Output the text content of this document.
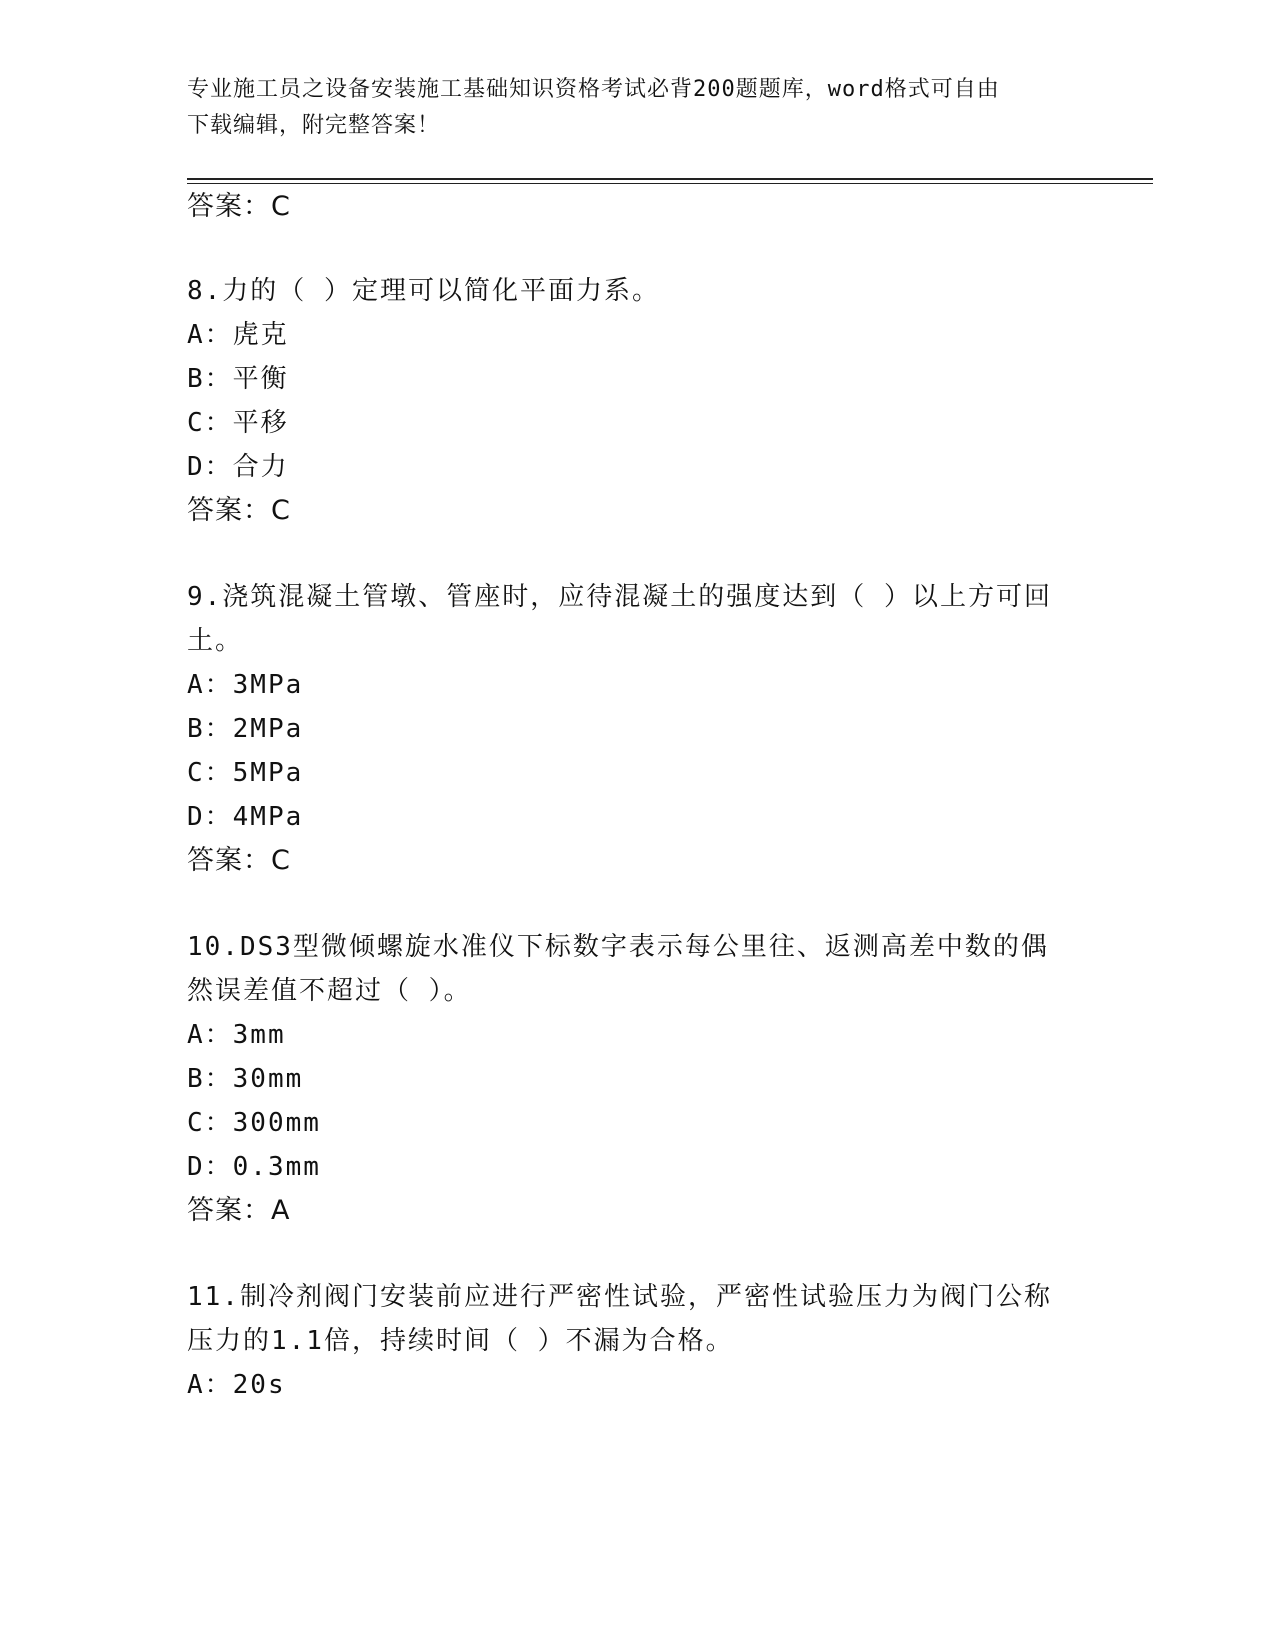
专业施工员之设备安装施工基础知识资格考试必背200题题库，word格式可自由
下载编辑，附完整答案！
答案：C
8.力的（ ）定理可以简化平面力系。
A：虎克
B：平衡
C：平移
D：合力
答案：C
9.浇筑混凝土管墩、管座时，应待混凝土的强度达到（ ）以上方可回
土。
A：3MPa
B：2MPa
C：5MPa
D：4MPa
答案：C
10.DS3型微倾螺旋水准仪下标数字表示每公里往、返测高差中数的偶
然误差值不超过（ ）。
A：3mm
B：30mm
C：300mm
D：0.3mm
答案：A
11.制冷剂阀门安装前应进行严密性试验，严密性试验压力为阀门公称
压力的1.1倍，持续时间（ ）不漏为合格。
A：20s
